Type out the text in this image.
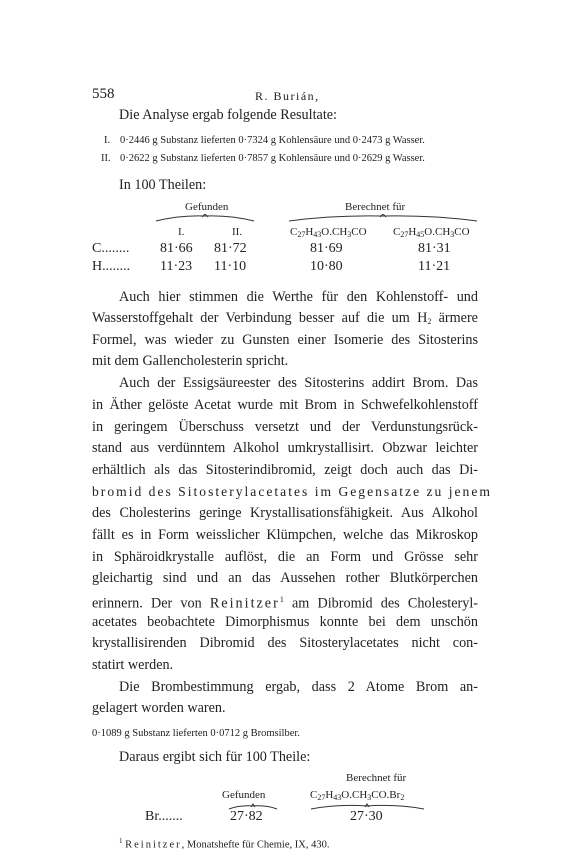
558	R. Burián,
Die Analyse ergab folgende Resultate:
I. 0·2446 g Substanz lieferten 0·7324 g Kohlensäure und 0·2473 g Wasser.
II. 0·2622 g Substanz lieferten 0·7857 g Kohlensäure und 0·2629 g Wasser.
In 100 Theilen:
Gefunden	Berechnet für
I.	II.	$C_{27}H_{43}O.CH_3CO$ $C_{27}H_{45}O.CH_3CO$
C........ 81·66 81·72	81·69	81·31
H........ 11·23 11·10	10·80	11·21
Auch hier stimmen die Werthe für den Kohlenstoff- und
Wasserstoffgehalt der Verbindung besser auf die um $H_2$ ärmere
Formel, was wieder zu Gunsten einer Isomerie des Sitosterins
mit dem Gallencholesterin spricht.
Auch der Essigsäureester des Sitosterins addirt Brom. Das
in Äther gelöste Acetat wurde mit Brom in Schwefelkohlenstoff
in geringem Überschuss versetzt und der Verdunstungsrück-
stand aus verdünntem Alkohol umkrystallisirt. Obzwar leichter
erhältlich als das Sitosterindibromid, zeigt doch auch das Di-
bromid des Sitosterylacetates im Gegensatze zu jenem
des Cholesterins geringe Krystallisationsfähigkeit. Aus Alkohol
fällt es in Form weisslicher Klümpchen, welche das Mikroskop
in Sphäroidkrystalle auflöst, die an Form und Grösse sehr
gleichartig sind und an das Aussehen rother Blutkörperchen
erinnern. Der von Reinitzer$^1$ am Dibromid des Cholesteryl-
acetates beobachtete Dimorphismus konnte bei dem unschön
krystallisirenden Dibromid des Sitosterylacetates nicht con-
statirt werden.
Die Brombestimmung ergab, dass 2 Atome Brom an-
gelagert worden waren.
0·1089 g Substanz lieferten 0·0712 g Bromsilber.
Daraus ergibt sich für 100 Theile:
Berechnet für
Gefunden	$C_{27}H_{43}O.CH_3CO.Br_2$
Br.......	27·82	27·30
$^1$ Reinitzer, Monatshefte für Chemie, IX, 430.
